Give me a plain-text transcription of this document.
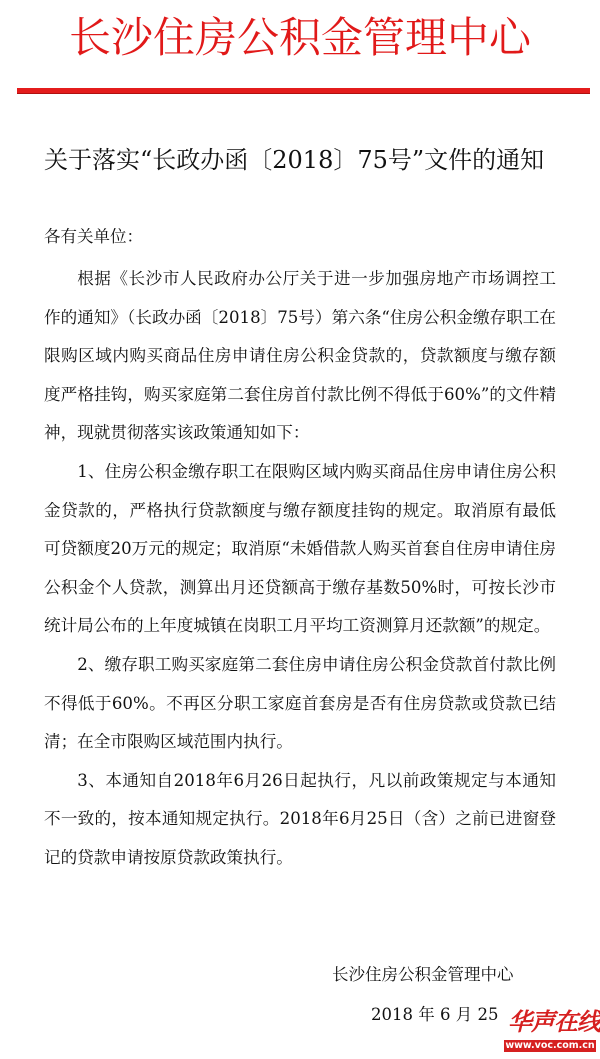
长沙住房公积金管理中心
关于落实“长政办函〔2018〕75号”文件的通知
各有关单位：

根据《长沙市人民政府办公厅关于进一步加强房地产市场调控工作的通知》（长政办函〔2018〕75号）第六条“住房公积金缴存职工在限购区域内购买商品住房申请住房公积金贷款的，贷款额度与缴存额度严格挂钩，购买家庭第二套住房首付款比例不得低于60%”的文件精神，现就贯彻落实该政策通知如下：

1、住房公积金缴存职工在限购区域内购买商品住房申请住房公积金贷款的，严格执行贷款额度与缴存额度挂钩的规定。取消原有最低可贷额度20万元的规定；取消原“未婚借款人购买首套自住房申请住房公积金个人贷款，测算出月还贷额高于缴存基数50%时，可按长沙市统计局公布的上年度城镇在岗职工月平均工资测算月还款额”的规定。

2、缴存职工购买家庭第二套住房申请住房公积金贷款首付款比例不得低于60%。不再区分职工家庭首套房是否有住房贷款或贷款已结清；在全市限购区域范围内执行。

3、本通知自2018年6月26日起执行，凡以前政策规定与本通知不一致的，按本通知规定执行。2018年6月25日（含）之前已进窗登记的贷款申请按原贷款政策执行。

长沙住房公积金管理中心
2018 年 6 月 25 华声在线
www.voc.com.cn
